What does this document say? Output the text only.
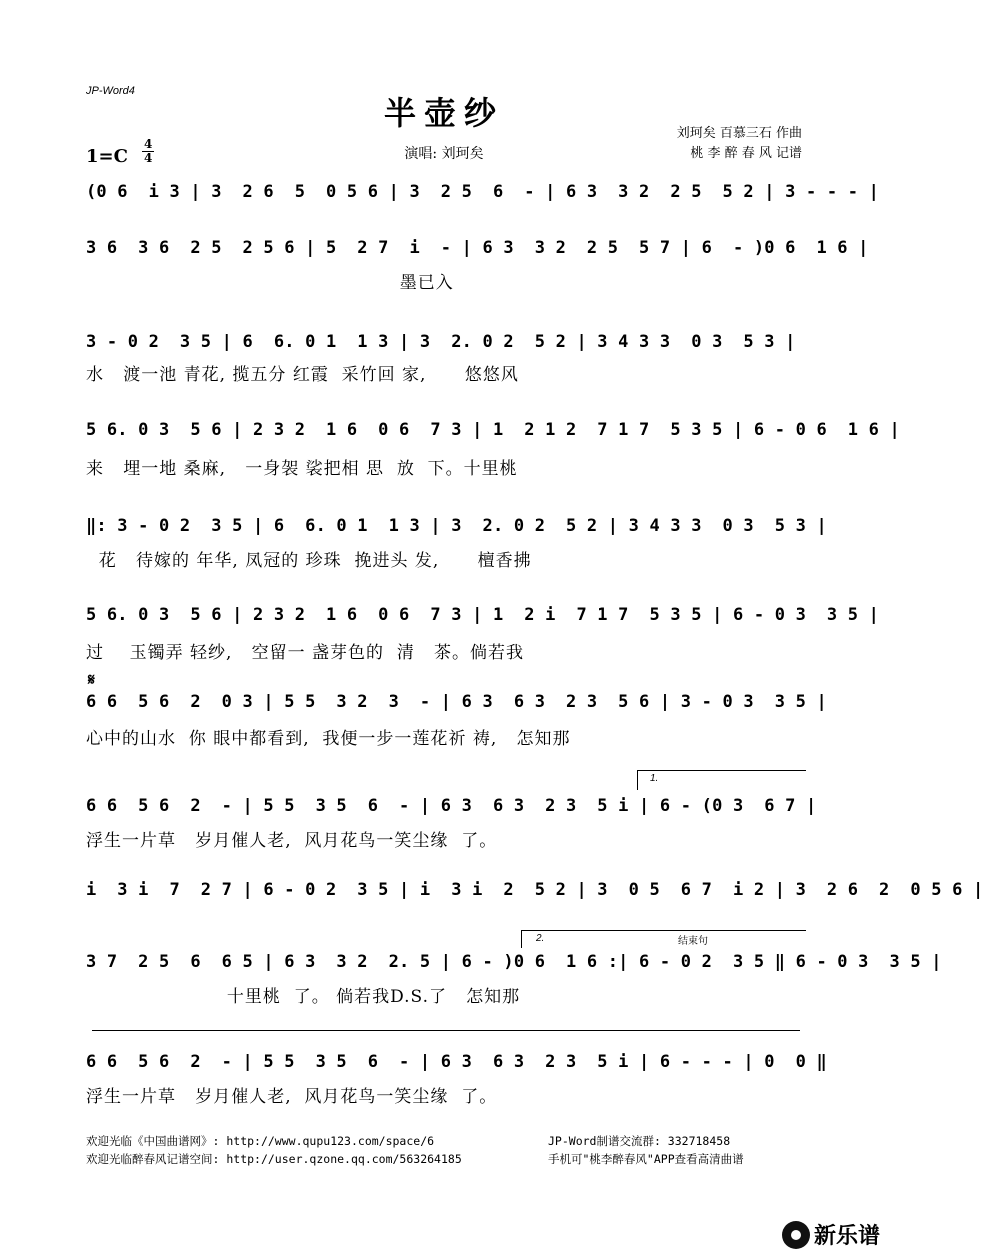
JP-Word4
半壶纱
刘珂矣 百慕三石 作曲
桃 李 醉 春 风 记谱
演唱: 刘珂矣
1=C
4
4
(0 6  i 3 | 3  2 6  5  0 5 6 | 3  2 5  6  - | 6 3  3 2  2 5  5 2 | 3 - - - |
3 6  3 6  2 5  2 5 6 | 5  2 7  i  - | 6 3  3 2  2 5  5 7 | 6  - )0 6  1 6 |
墨已入
3 - 0 2  3 5 | 6  6. 0 1  1 3 | 3  2. 0 2  5 2 | 3 4 3 3  0 3  5 3 |
水   渡一池 青花, 揽五分 红霞  采竹回 家,      悠悠风
5 6. 0 3  5 6 | 2 3 2  1 6  0 6  7 3 | 1  2 1 2  7 1 7  5 3 5 | 6 - 0 6  1 6 |
来   埋一地 桑麻,   一身袈 裟把相 思  放  下。十里桃
‖: 3 - 0 2  3 5 | 6  6. 0 1  1 3 | 3  2. 0 2  5 2 | 3 4 3 3  0 3  5 3 |
花   待嫁的 年华, 凤冠的 珍珠  挽进头 发,      檀香拂
5 6. 0 3  5 6 | 2 3 2  1 6  0 6  7 3 | 1  2 i  7 1 7  5 3 5 | 6 - 0 3  3 5 |
过    玉镯弄 轻纱,   空留一 盏芽色的  清   茶。倘若我
𝄋
6 6  5 6  2  0 3 | 5 5  3 2  3  - | 6 3  6 3  2 3  5 6 | 3 - 0 3  3 5 |
心中的山水  你 眼中都看到,  我便一步一莲花祈 祷,   怎知那
1.
6 6  5 6  2  - | 5 5  3 5  6  - | 6 3  6 3  2 3  5 i | 6 - (0 3  6 7 |
浮生一片草   岁月催人老,  风月花鸟一笑尘缘  了。
i  3 i  7  2 7 | 6 - 0 2  3 5 | i  3 i  2  5 2 | 3  0 5  6 7  i 2 | 3  2 6  2  0 5 6 |
2.	结束句
3 7  2 5  6  6 5 | 6 3  3 2  2. 5 | 6 - )0 6  1 6 :| 6 - 0 2  3 5 ‖ 6 - 0 3  3 5 |
十里桃  了。 倘若我D.S.了   怎知那
6 6  5 6  2  - | 5 5  3 5  6  - | 6 3  6 3  2 3  5 i | 6 - - - | 0  0 ‖
浮生一片草   岁月催人老,  风月花鸟一笑尘缘  了。
欢迎光临《中国曲谱网》: http://www.qupu123.com/space/6
欢迎光临醉春风记谱空间: http://user.qzone.qq.com/563264185
JP-Word制谱交流群: 332718458
手机可"桃李醉春风"APP查看高清曲谱
新乐谱
